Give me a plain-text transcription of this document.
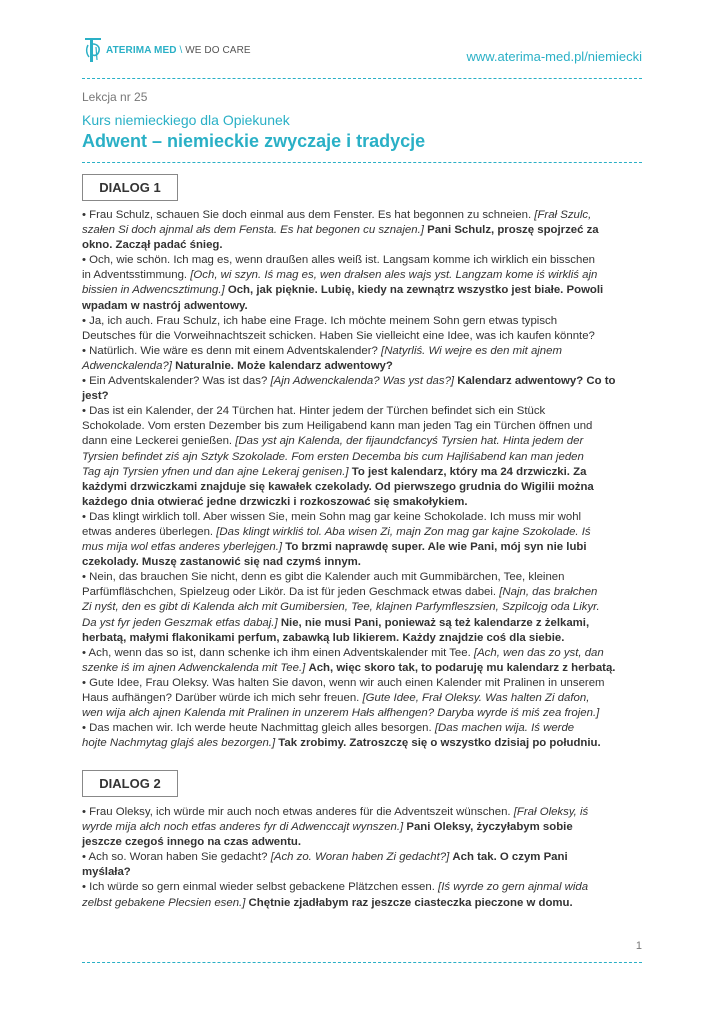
ATERIMA MED \ WE DO CARE	www.aterima-med.pl/niemiecki
Lekcja nr 25
Kurs niemieckiego dla Opiekunek
Adwent – niemieckie zwyczaje i tradycje
DIALOG 1
• Frau Schulz, schauen Sie doch einmal aus dem Fenster. Es hat begonnen zu schneien. [Frał Szulc,
szałen Si doch ajnmal ałs dem Fensta. Es hat begonen cu sznajen.] Pani Schulz, proszę spojrzeć za
okno. Zaczął padać śnieg.
• Och, wie schön. Ich mag es, wenn draußen alles weiß ist. Langsam komme ich wirklich ein bisschen
in Adventsstimmung. [Och, wi szyn. Iś mag es, wen drałsen ales wajs yst. Langzam kome iś wirkliś ajn
bissien in Adwencsztimung.] Och, jak pięknie. Lubię, kiedy na zewnątrz wszystko jest białe. Powoli
wpadam w nastrój adwentowy.
• Ja, ich auch. Frau Schulz, ich habe eine Frage. Ich möchte meinem Sohn gern etwas typisch
Deutsches für die Vorweihnachtszeit schicken. Haben Sie vielleicht eine Idee, was ich kaufen könnte?
• Natürlich. Wie wäre es denn mit einem Adventskalender? [Natyrliś. Wi wejre es den mit ajnem
Adwenckalenda?] Naturalnie. Może kalendarz adwentowy?
• Ein Adventskalender? Was ist das? [Ajn Adwenckalenda? Was yst das?] Kalendarz adwentowy? Co to
jest?
• Das ist ein Kalender, der 24 Türchen hat. Hinter jedem der Türchen befindet sich ein Stück
Schokolade. Vom ersten Dezember bis zum Heiligabend kann man jeden Tag ein Türchen öffnen und
dann eine Leckerei genießen. [Das yst ajn Kalenda, der fijaundcfancyś Tyrsien hat. Hinta jedem der
Tyrsien befindet ziś ajn Sztyk Szokolade. Fom ersten Decemba bis cum Hajliśabend kan man jeden
Tag ajn Tyrsien yfnen und dan ajne Lekeraj genisen.] To jest kalendarz, który ma 24 drzwiczki. Za
każdymi drzwiczkami znajduje się kawałek czekolady. Od pierwszego grudnia do Wigilii można
każdego dnia otwierać jedne drzwiczki i rozkoszować się smakołykiem.
• Das klingt wirklich toll. Aber wissen Sie, mein Sohn mag gar keine Schokolade. Ich muss mir wohl
etwas anderes überlegen. [Das klingt wirkliś tol. Aba wisen Zi, majn Zon mag gar kajne Szokolade. Iś
mus mija wol etfas anderes yberlejgen.] To brzmi naprawdę super. Ale wie Pani, mój syn nie lubi
czekolady. Muszę zastanowić się nad czymś innym.
• Nein, das brauchen Sie nicht, denn es gibt die Kalender auch mit Gummibärchen, Tee, kleinen
Parfümfläschchen, Spielzeug oder Likör. Da ist für jeden Geschmack etwas dabei. [Najn, das brałchen
Zi nyśt, den es gibt di Kalenda ałch mit Gumibersien, Tee, klajnen Parfymfleszsien, Szpilcojg oda Likyr.
Da yst fyr jeden Geszmak etfas dabaj.] Nie, nie musi Pani, ponieważ są też kalendarze z żelkami,
herbatą, małymi flakonikami perfum, zabawką lub likierem. Każdy znajdzie coś dla siebie.
• Ach, wenn das so ist, dann schenke ich ihm einen Adventskalender mit Tee. [Ach, wen das zo yst, dan
szenke iś im ajnen Adwenckalenda mit Tee.] Ach, więc skoro tak, to podaruję mu kalendarz z herbatą.
• Gute Idee, Frau Oleksy. Was halten Sie davon, wenn wir auch einen Kalender mit Pralinen in unserem
Haus aufhängen? Darüber würde ich mich sehr freuen. [Gute Idee, Frał Oleksy. Was halten Zi dafon,
wen wija ałch ajnen Kalenda mit Pralinen in unzerem Hałs ałfhengen? Daryba wyrde iś miś zea frojen.]
• Das machen wir. Ich werde heute Nachmittag gleich alles besorgen. [Das machen wija. Iś werde
hojte Nachmytag glajś ales bezorgen.] Tak zrobimy. Zatroszczę się o wszystko dzisiaj po południu.
DIALOG 2
• Frau Oleksy, ich würde mir auch noch etwas anderes für die Adventszeit wünschen. [Frał Oleksy, iś
wyrde mija ałch noch etfas anderes fyr di Adwenccajt wynszen.] Pani Oleksy, życzyłabym sobie
jeszcze czegoś innego na czas adwentu.
• Ach so. Woran haben Sie gedacht? [Ach zo. Woran haben Zi gedacht?] Ach tak. O czym Pani
myślała?
• Ich würde so gern einmal wieder selbst gebackene Plätzchen essen. [Iś wyrde zo gern ajnmal wida
zelbst gebakene Plecsien esen.] Chętnie zjadłabym raz jeszcze ciasteczka pieczone w domu.
1
